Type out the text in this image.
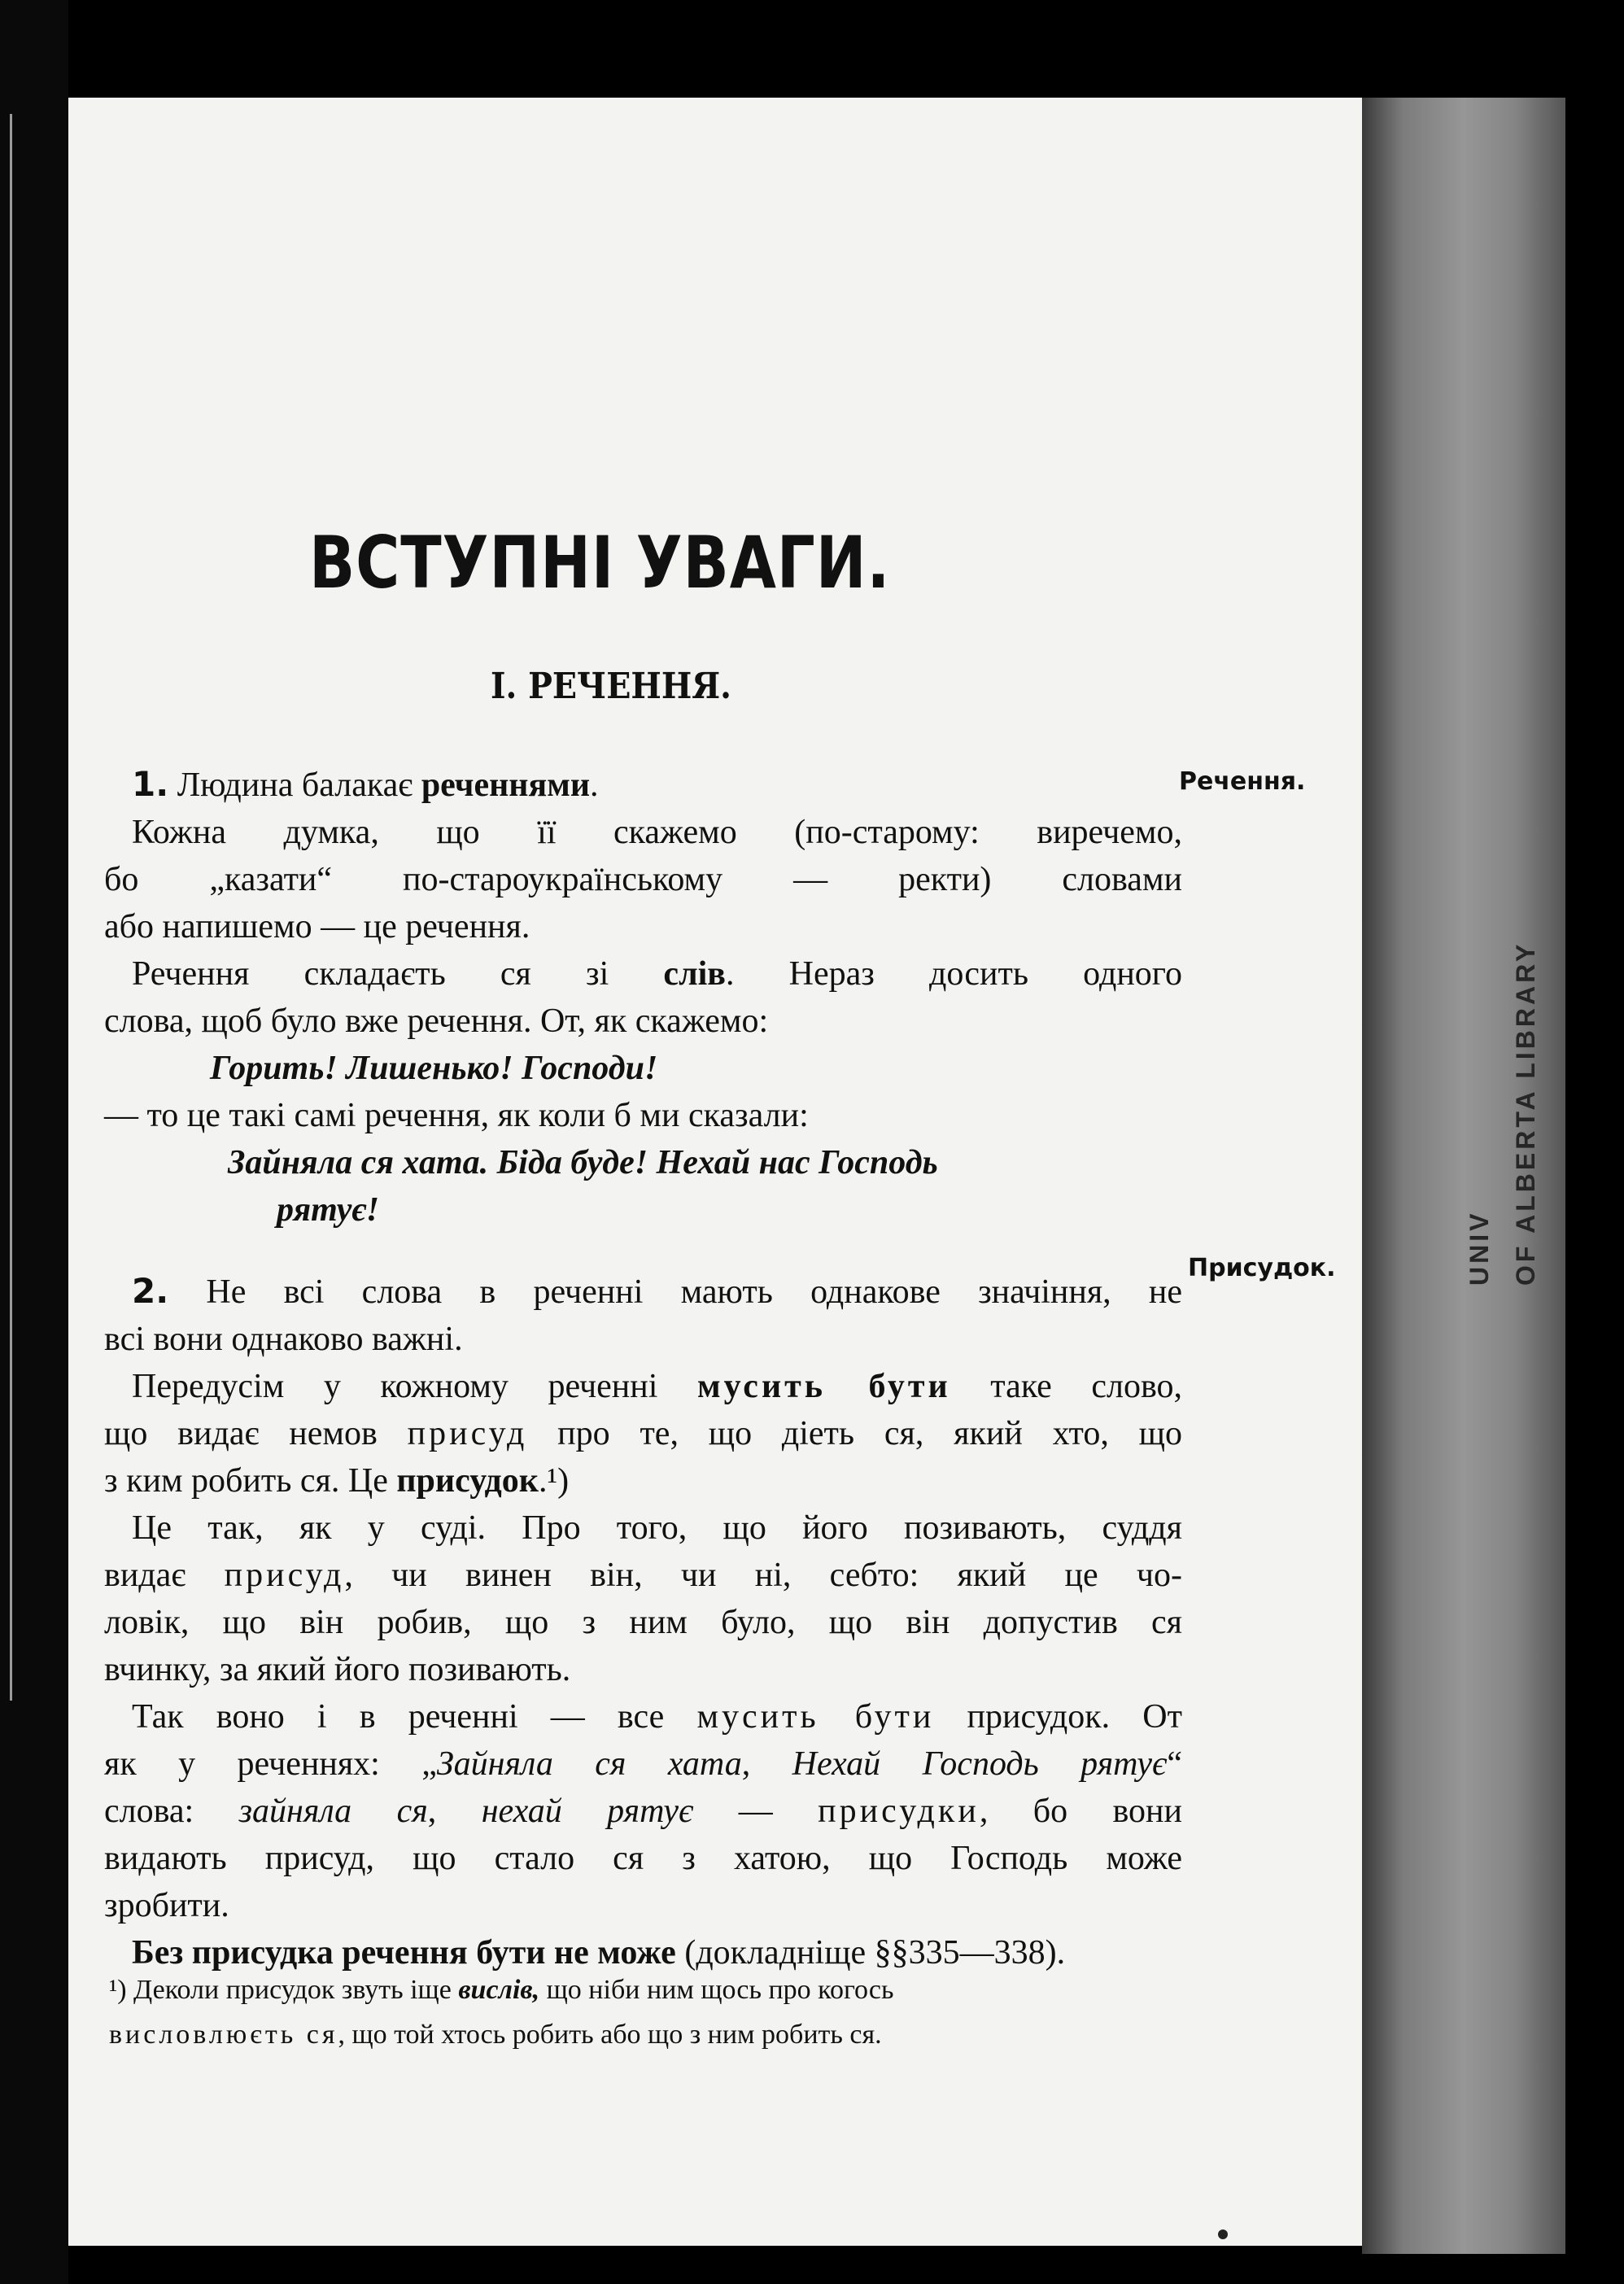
UNIV OF ALBERTA LIBRARY
ВСТУПНІ УВАГИ.
І. РЕЧЕННЯ.
Речення.
Присудок.

1. Людина балакає реченнями.

Кожна думка, що її скажемо (по-старому: виречемо,

бо „казати“ по-староукраїнському — ректи) словами

або напишемо — це речення.

Речення складаєть ся зі слів. Нераз досить одного

слова, щоб було вже речення. От, як скажемо:

Горить! Лишенько! Господи!

— то це такі самі речення, як коли б ми сказали:

Зайняла ся хата. Біда буде! Нехай нас Господь

рятує!

2. Не всі слова в реченні мають однакове значіння, не

всі вони однаково важні.

Передусім у кожному реченні мусить бути таке слово,

що видає немов присуд про те, що діеть ся, який хто, що

з ким робить ся. Це присудок.¹)

Це так, як у суді. Про того, що його позивають, суддя

видає присуд, чи винен він, чи ні, себто: який це чо-

ловік, що він робив, що з ним було, що він допустив ся

вчинку, за який його позивають.

Так воно і в реченні — все мусить бути присудок. От

як у реченнях: „Зайняла ся хата, Нехай Господь рятує“

слова: зайняла ся, нехай рятує — присудки, бо вони

видають присуд, що стало ся з хатою, що Господь може

зробити.

Без присудка речення бути не може (докладніще §§335—338).

¹) Деколи присудок звуть іще вислів, що ніби ним щось про когось

висловлюєть ся, що той хтось робить або що з ним робить ся.
